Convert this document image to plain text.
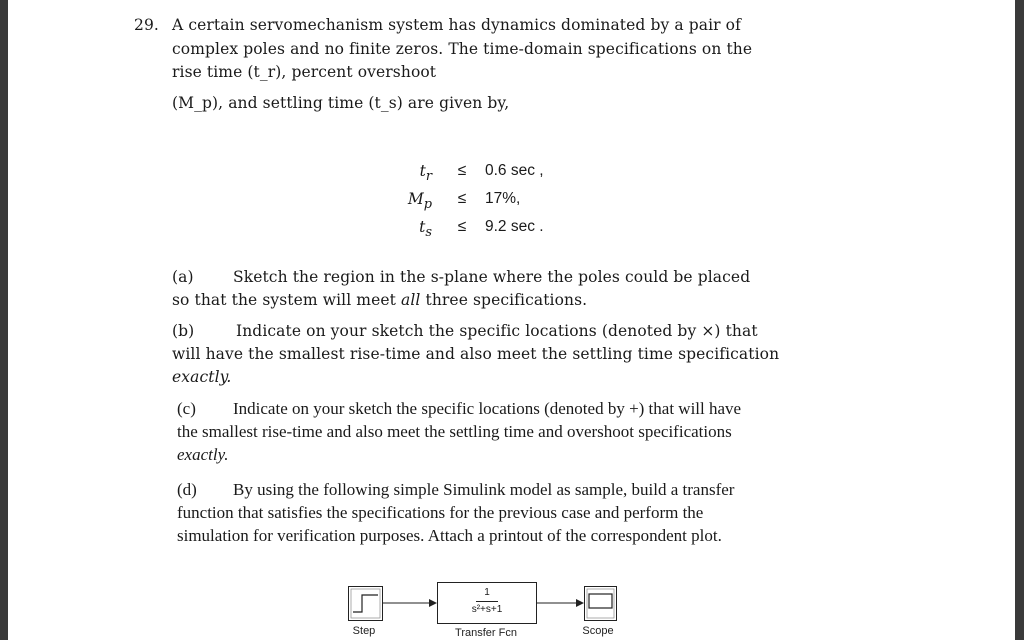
29. A certain servomechanism system has dynamics dominated by a pair of
complex poles and no finite zeros. The time-domain specifications on the
rise time (t_r), percent overshoot
(M_p), and settling time (t_s) are given by,
$t_r$	≤	0.6 sec ,
$M_p$	≤	17%,
$t_s$	≤	9.2 sec .
(a)	Sketch the region in the s-plane where the poles could be placed
so that the system will meet all three specifications.
(b)	Indicate on your sketch the specific locations (denoted by ×) that
will have the smallest rise-time and also meet the settling time specification
exactly.
(c) Indicate on your sketch the specific locations (denoted by +) that will have
the smallest rise-time and also meet the settling time and overshoot specifications
exactly.
(d) By using the following simple Simulink model as sample, build a transfer
function that satisfies the specifications for the previous case and perform the
simulation for verification purposes. Attach a printout of the correspondent plot.
Step
1
s²+s+1
Transfer Fcn	Scope
